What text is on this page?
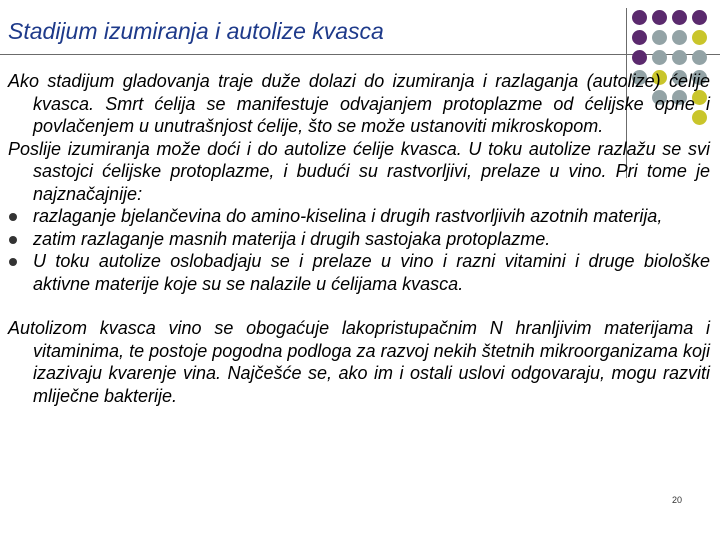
Stadijum izumiranja i autolize kvasca

Ako stadijum gladovanja traje duže dolazi do izumiranja i razlaganja (autolize) ćelije kvasca. Smrt ćelija se manifestuje odvajanjem protoplazme od ćelijske opne i povlačenjem u unutrašnjost ćelije, što se može ustanoviti mikroskopom.

Poslije izumiranja može doći i do autolize ćelije kvasca. U toku autolize razlažu se svi sastojci ćelijske protoplazme, i budući su rastvorljivi, prelaze u vino. Pri tome je najznačajnije:

razlaganje bjelančevina do amino-kiselina i drugih rastvorljivih azotnih materija,
zatim razlaganje masnih materija i drugih sastojaka protoplazme.
U toku autolize oslobadjaju se i prelaze u vino i razni vitamini i druge biološke aktivne materije koje su se nalazile u ćelijama kvasca.

Autolizom kvasca vino se obogaćuje lakopristupačnim N hranljivim materijama i vitaminima, te postoje pogodna podloga za razvoj nekih štetnih mikroorganizama koji izazivaju kvarenje vina. Najčešće se, ako im i ostali uslovi odgovaraju, mogu razviti mliječne bakterije.

20
